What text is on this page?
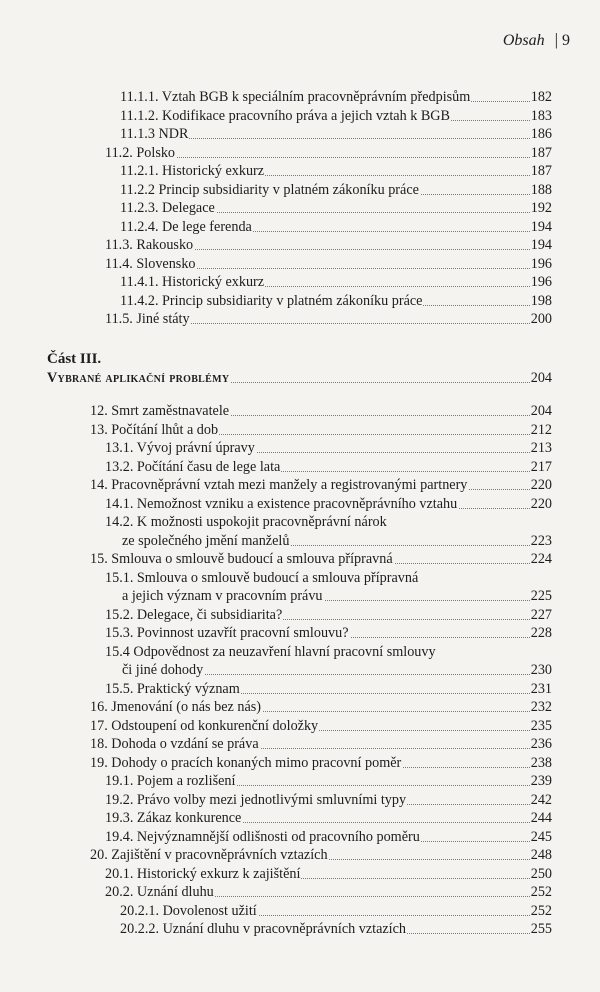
Obsah | 9
11.1.1. Vztah BGB k speciálním pracovněprávním předpisům	182
11.1.2. Kodifikace pracovního práva a jejich vztah k BGB	183
11.1.3 NDR	186
11.2. Polsko	187
11.2.1. Historický exkurz	187
11.2.2 Princip subsidiarity v platném zákoníku práce	188
11.2.3. Delegace	192
11.2.4. De lege ferenda	194
11.3. Rakousko	194
11.4. Slovensko	196
11.4.1. Historický exkurz	196
11.4.2. Princip subsidiarity v platném zákoníku práce	198
11.5. Jiné státy	200
Část III.
Vybrané aplikační problémy	204
12. Smrt zaměstnavatele	204
13. Počítání lhůt a dob	212
13.1. Vývoj právní úpravy	213
13.2. Počítání času de lege lata	217
14. Pracovněprávní vztah mezi manžely a registrovanými partnery	220
14.1. Nemožnost vzniku a existence pracovněprávního vztahu	220
14.2. K možnosti uspokojit pracovněprávní nárok
ze společného jmění manželů	223
15. Smlouva o smlouvě budoucí a smlouva přípravná	224
15.1. Smlouva o smlouvě budoucí a smlouva přípravná
a jejich význam v pracovním právu	225
15.2. Delegace, či subsidiarita?	227
15.3. Povinnost uzavřít pracovní smlouvu?	228
15.4 Odpovědnost za neuzavření hlavní pracovní smlouvy
či jiné dohody	230
15.5. Praktický význam	231
16. Jmenování (o nás bez nás)	232
17. Odstoupení od konkurenční doložky	235
18. Dohoda o vzdání se práva	236
19. Dohody o pracích konaných mimo pracovní poměr	238
19.1. Pojem a rozlišení	239
19.2. Právo volby mezi jednotlivými smluvními typy	242
19.3. Zákaz konkurence	244
19.4. Nejvýznamnější odlišnosti od pracovního poměru	245
20. Zajištění v pracovněprávních vztazích	248
20.1. Historický exkurz k zajištění	250
20.2. Uznání dluhu	252
20.2.1. Dovolenost užití	252
20.2.2. Uznání dluhu v pracovněprávních vztazích	255
